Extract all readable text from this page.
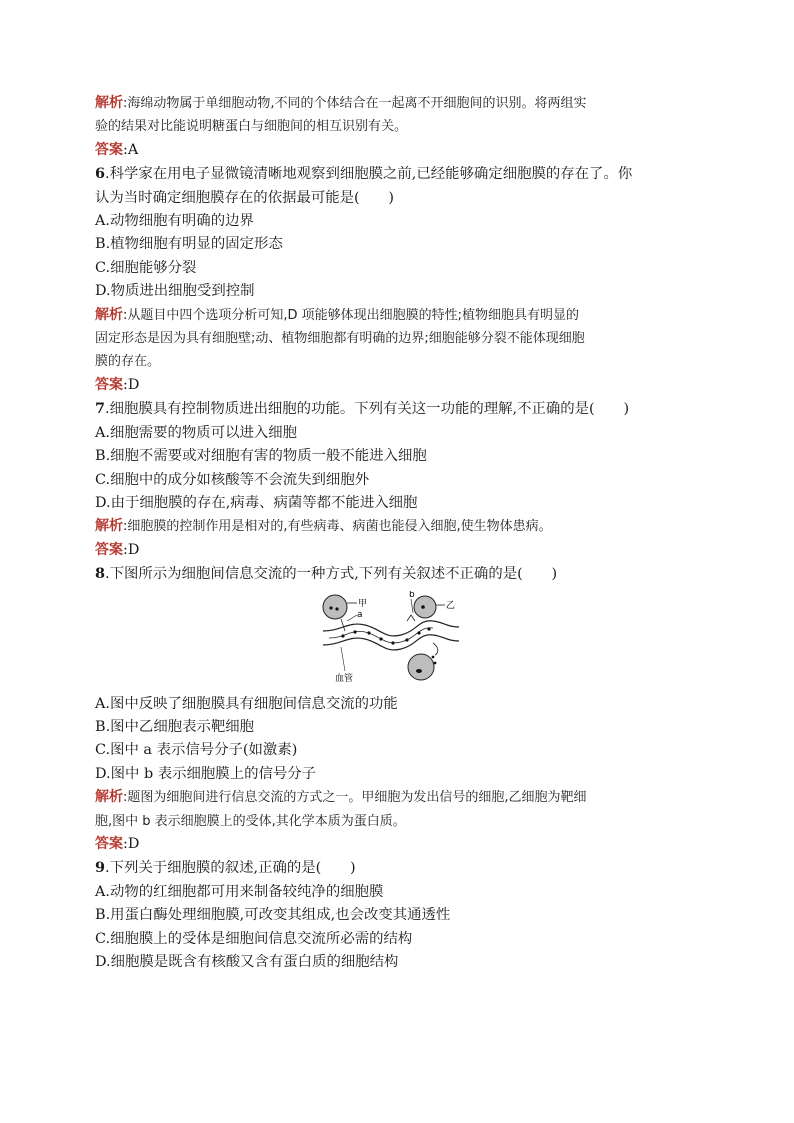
解析:海绵动物属于单细胞动物,不同的个体结合在一起离不开细胞间的识别。将两组实
验的结果对比能说明糖蛋白与细胞间的相互识别有关。
答案:A
6.科学家在用电子显微镜清晰地观察到细胞膜之前,已经能够确定细胞膜的存在了。你
认为当时确定细胞膜存在的依据最可能是(　　)
A.动物细胞有明确的边界
B.植物细胞有明显的固定形态
C.细胞能够分裂
D.物质进出细胞受到控制
解析:从题目中四个选项分析可知,D 项能够体现出细胞膜的特性;植物细胞具有明显的
固定形态是因为具有细胞壁;动、植物细胞都有明确的边界;细胞能够分裂不能体现细胞
膜的存在。
答案:D
7.细胞膜具有控制物质进出细胞的功能。下列有关这一功能的理解,不正确的是(　　)
A.细胞需要的物质可以进入细胞
B.细胞不需要或对细胞有害的物质一般不能进入细胞
C.细胞中的成分如核酸等不会流失到细胞外
D.由于细胞膜的存在,病毒、病菌等都不能进入细胞
解析:细胞膜的控制作用是相对的,有些病毒、病菌也能侵入细胞,使生物体患病。
答案:D
8.下图所示为细胞间信息交流的一种方式,下列有关叙述不正确的是(　　)
甲
a
乙
b
血管
A.图中反映了细胞膜具有细胞间信息交流的功能
B.图中乙细胞表示靶细胞
C.图中 a 表示信号分子(如激素)
D.图中 b 表示细胞膜上的信号分子
解析:题图为细胞间进行信息交流的方式之一。甲细胞为发出信号的细胞,乙细胞为靶细
胞,图中 b 表示细胞膜上的受体,其化学本质为蛋白质。
答案:D
9.下列关于细胞膜的叙述,正确的是(　　)
A.动物的红细胞都可用来制备较纯净的细胞膜
B.用蛋白酶处理细胞膜,可改变其组成,也会改变其通透性
C.细胞膜上的受体是细胞间信息交流所必需的结构
D.细胞膜是既含有核酸又含有蛋白质的细胞结构
